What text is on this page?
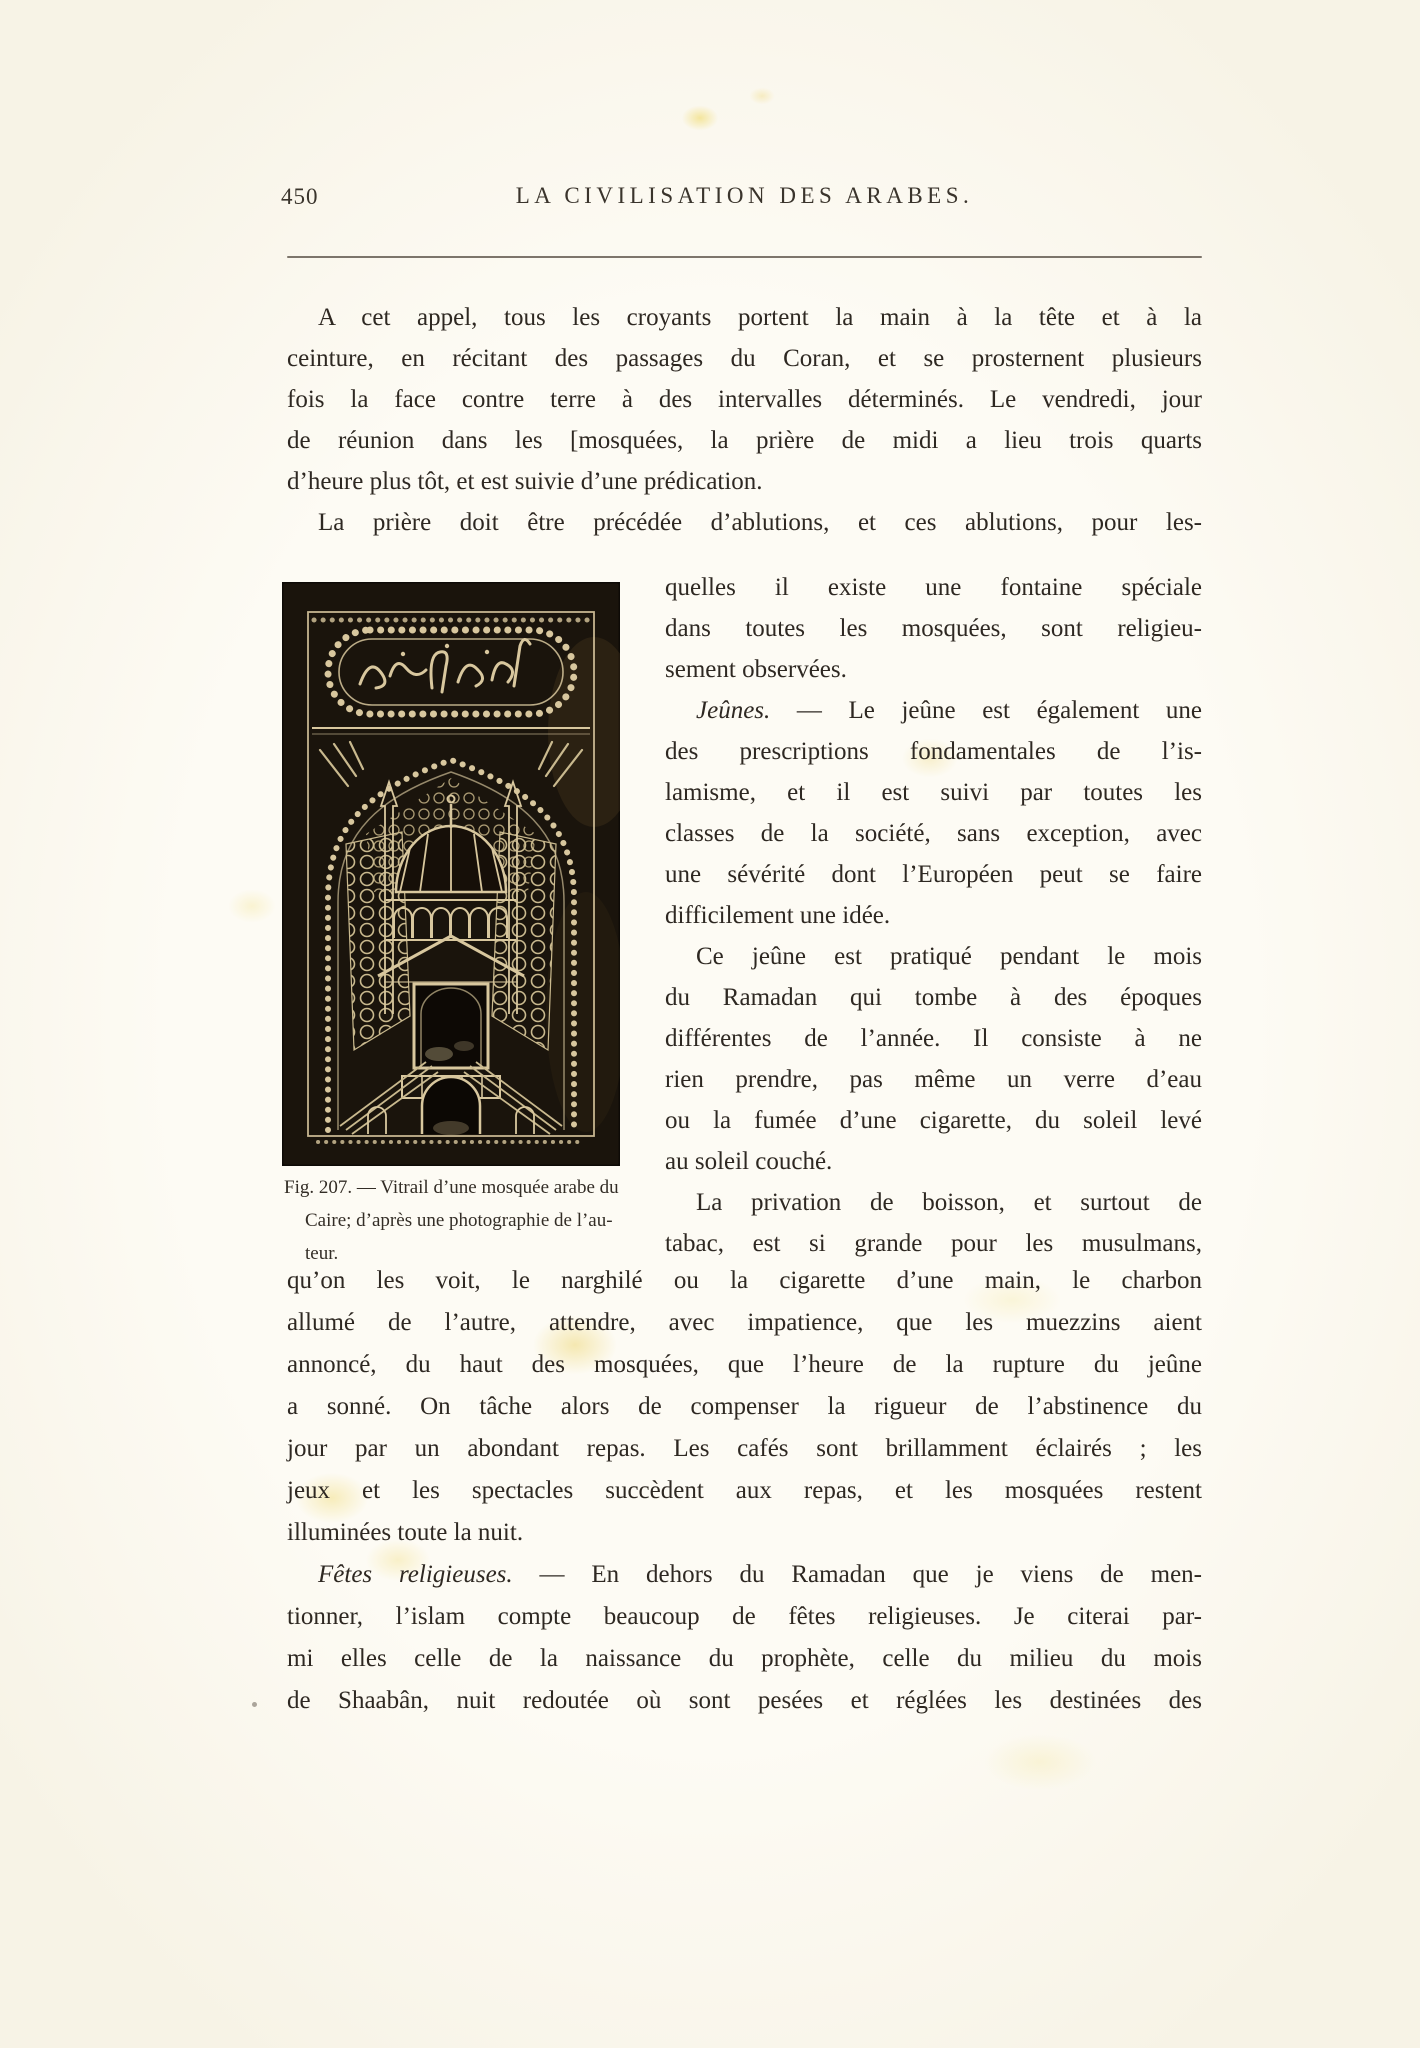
450	LA CIVILISATION DES ARABES.
A cet appel, tous les croyants portent la main à la tête et à la
ceinture, en récitant des passages du Coran, et se prosternent plusieurs
fois la face contre terre à des intervalles déterminés. Le vendredi, jour
de réunion dans les [mosquées, la prière de midi a lieu trois quarts
d’heure plus tôt, et est suivie d’une prédication.
La prière doit être précédée d’ablutions, et ces ablutions, pour les-
Fig. 207. — Vitrail d’une mosquée arabe du
Caire; d’après une photographie de l’au-
teur.
quelles il existe une fontaine spéciale
dans toutes les mosquées, sont religieu-
sement observées.
Jeûnes. — Le jeûne est également une
des prescriptions fondamentales de l’is-
lamisme, et il est suivi par toutes les
classes de la société, sans exception, avec
une sévérité dont l’Européen peut se faire
difficilement une idée.
Ce jeûne est pratiqué pendant le mois
du Ramadan qui tombe à des époques
différentes de l’année. Il consiste à ne
rien prendre, pas même un verre d’eau
ou la fumée d’une cigarette, du soleil levé
au soleil couché.
La privation de boisson, et surtout de
tabac, est si grande pour les musulmans,
qu’on les voit, le narghilé ou la cigarette d’une main, le charbon
allumé de l’autre, attendre, avec impatience, que les muezzins aient
annoncé, du haut des mosquées, que l’heure de la rupture du jeûne
a sonné. On tâche alors de compenser la rigueur de l’abstinence du
jour par un abondant repas. Les cafés sont brillamment éclairés ; les
jeux et les spectacles succèdent aux repas, et les mosquées restent
illuminées toute la nuit.
Fêtes religieuses. — En dehors du Ramadan que je viens de men-
tionner, l’islam compte beaucoup de fêtes religieuses. Je citerai par-
mi elles celle de la naissance du prophète, celle du milieu du mois
de Shaabân, nuit redoutée où sont pesées et réglées les destinées des
